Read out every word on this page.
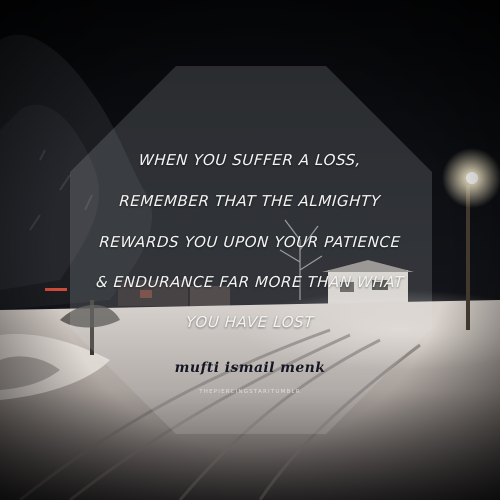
WHEN YOU SUFFER A LOSS,
REMEMBER THAT THE ALMIGHTY
REWARDS YOU UPON YOUR PATIENCE
& ENDURANCE FAR MORE THAN WHAT
YOU HAVE LOST
mufti ismail menk
THEPIERCINGSTARITUMBLR
